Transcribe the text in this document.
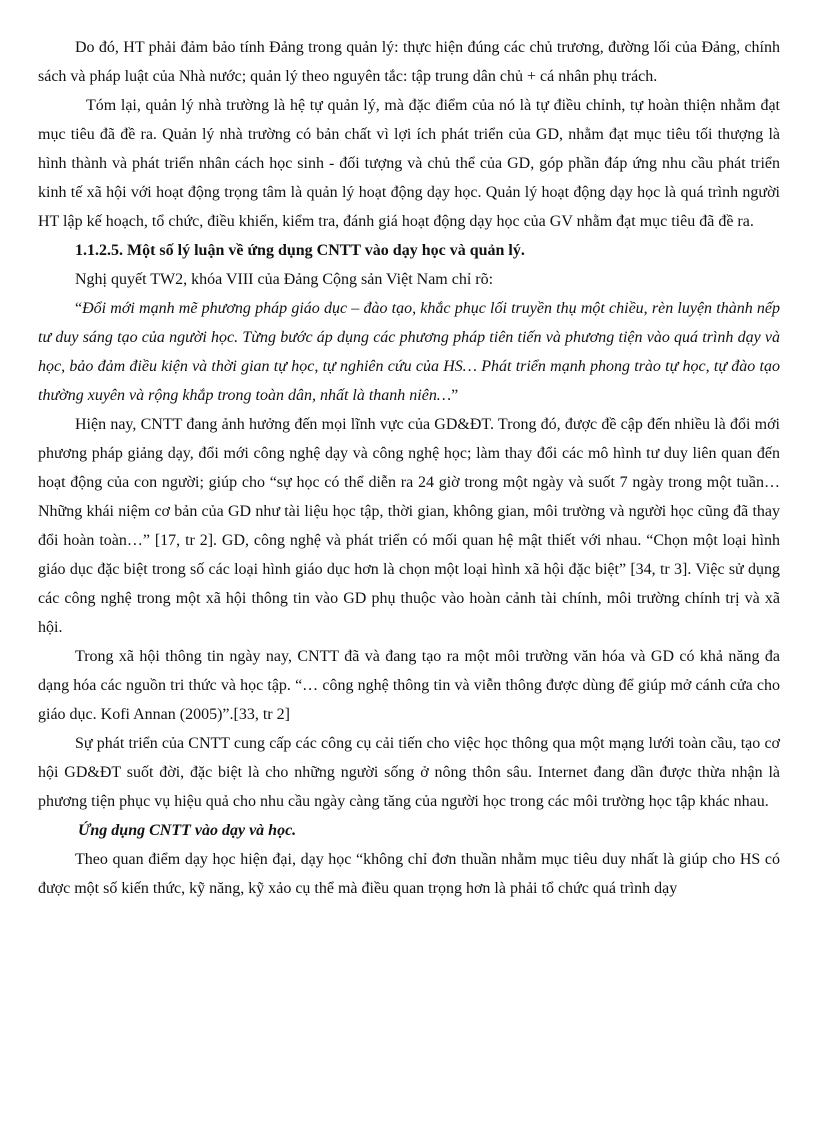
Do đó, HT phải đảm bảo tính Đảng trong quản lý: thực hiện đúng các chủ trương, đường lối của Đảng, chính sách và pháp luật của Nhà nước; quản lý theo nguyên tắc: tập trung dân chủ + cá nhân phụ trách.

Tóm lại, quản lý nhà trường là hệ tự quản lý, mà đặc điểm của nó là tự điều chỉnh, tự hoàn thiện nhằm đạt mục tiêu đã đề ra. Quản lý nhà trường có bản chất vì lợi ích phát triển của GD, nhằm đạt mục tiêu tối thượng là hình thành và phát triển nhân cách học sinh - đối tượng và chủ thể của GD, góp phần đáp ứng nhu cầu phát triển kinh tế xã hội với hoạt động trọng tâm là quản lý hoạt động dạy học. Quản lý hoạt động dạy học là quá trình người HT lập kế hoạch, tổ chức, điều khiển, kiểm tra, đánh giá hoạt động dạy học của GV nhằm đạt mục tiêu đã đề ra.

1.1.2.5. Một số lý luận về ứng dụng CNTT vào dạy học và quản lý.

Nghị quyết TW2, khóa VIII của Đảng Cộng sản Việt Nam chỉ rõ:

“Đổi mới mạnh mẽ phương pháp giáo dục – đào tạo, khắc phục lối truyền thụ một chiều, rèn luyện thành nếp tư duy sáng tạo của người học. Từng bước áp dụng các phương pháp tiên tiến và phương tiện vào quá trình dạy và học, bảo đảm điều kiện và thời gian tự học, tự nghiên cứu của HS… Phát triển mạnh phong trào tự học, tự đào tạo thường xuyên và rộng khắp trong toàn dân, nhất là thanh niên…”

Hiện nay, CNTT đang ảnh hưởng đến mọi lĩnh vực của GD&ĐT. Trong đó, được đề cập đến nhiều là đổi mới phương pháp giảng dạy, đổi mới công nghệ dạy và công nghệ học; làm thay đổi các mô hình tư duy liên quan đến hoạt động của con người; giúp cho “sự học có thể diễn ra 24 giờ trong một ngày và suốt 7 ngày trong một tuần… Những khái niệm cơ bản của GD như tài liệu học tập, thời gian, không gian, môi trường và người học cũng đã thay đổi hoàn toàn…” [17, tr 2]. GD, công nghệ và phát triển có mối quan hệ mật thiết với nhau. “Chọn một loại hình giáo dục đặc biệt trong số các loại hình giáo dục hơn là chọn một loại hình xã hội đặc biệt” [34, tr 3]. Việc sử dụng các công nghệ trong một xã hội thông tin vào GD phụ thuộc vào hoàn cảnh tài chính, môi trường chính trị và xã hội.

Trong xã hội thông tin ngày nay, CNTT đã và đang tạo ra một môi trường văn hóa và GD có khả năng đa dạng hóa các nguồn tri thức và học tập. “… công nghệ thông tin và viễn thông được dùng để giúp mở cánh cửa cho giáo dục. Kofi Annan (2005)”.[33, tr 2]

Sự phát triển của CNTT cung cấp các công cụ cải tiến cho việc học thông qua một mạng lưới toàn cầu, tạo cơ hội GD&ĐT suốt đời, đặc biệt là cho những người sống ở nông thôn sâu. Internet đang dần được thừa nhận là phương tiện phục vụ hiệu quả cho nhu cầu ngày càng tăng của người học trong các môi trường học tập khác nhau.

Ứng dụng CNTT vào dạy và học.

Theo quan điểm dạy học hiện đại, dạy học “không chỉ đơn thuần nhằm mục tiêu duy nhất là giúp cho HS có được một số kiến thức, kỹ năng, kỹ xảo cụ thể mà điều quan trọng hơn là phải tổ chức quá trình dạy
